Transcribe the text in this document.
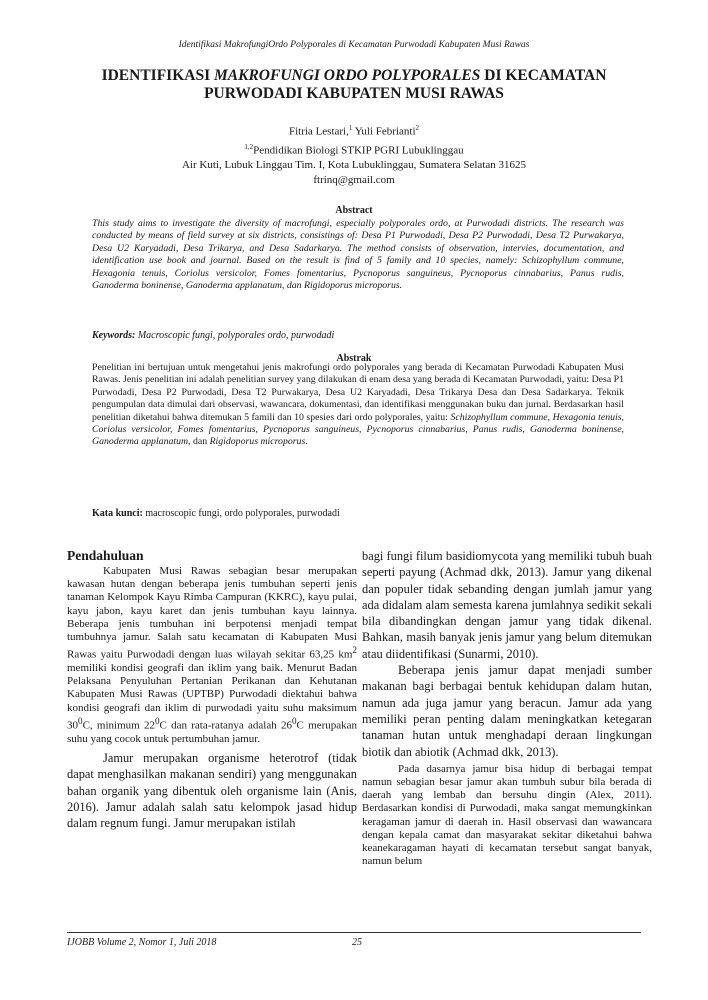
Identifikasi MakrofungiOrdo Polyporales di Kecamatan Purwodadi Kabupaten Musi Rawas
IDENTIFIKASI MAKROFUNGI ORDO POLYPORALES DI KECAMATAN
PURWODADI KABUPATEN MUSI RAWAS
Fitria Lestari,$^1$ Yuli Febrianti$^2$
$^{1,2}$Pendidikan Biologi STKIP PGRI Lubuklinggau
Air Kuti, Lubuk Linggau Tim. I, Kota Lubuklinggau, Sumatera Selatan 31625
ftrinq@gmail.com
Abstract

This study aims to investigate the diversity of macrofungi, especially polyporales ordo, at Purwodadi districts. The research was conducted by means of field survey at six districts, consistings of: Desa P1 Purwodadi, Desa P2 Purwodadi, Desa T2 Purwakarya, Desa U2 Karyadadi, Desa Trikarya, and Desa Sadarkarya. The method consists of observation, intervies, documentation, and identification use book and journal. Based on the result is find of 5 family and 10 species, namely: Schizophyllum commune, Hexagonia tenuis, Coriolus versicolor, Fomes fomentarius, Pycnoporus sanguineus, Pycnoporus cinnabarius, Panus rudis, Ganoderma boninense, Ganoderma applanatum, dan Rigidoporus microporus.

Keywords: Macroscopic fungi, polyporales ordo, purwodadi

Abstrak

Penelitian ini bertujuan untuk mengetahui jenis makrofungi ordo polyporales yang berada di Kecamatan Purwodadi Kabupaten Musi Rawas. Jenis penelitian ini adalah penelitian survey yang dilakukan di enam desa yang berada di Kecamatan Purwodadi, yaitu: Desa P1 Purwodadi, Desa P2 Purwodadi, Desa T2 Purwakarya, Desa U2 Karyadadi, Desa Trikarya Desa dan Desa Sadarkarya. Teknik pengumpulan data dimulai dari observasi, wawancara, dokumentasi, dan identifikasi menggunakan buku dan jurnal. Berdasarkan hasil penelitian diketahui bahwa ditemukan 5 famili dan 10 spesies dari ordo polyporales, yaitu: Schizophyllum commune, Hexagonia tenuis, Coriolus versicolor, Fomes fomentarius, Pycnoporus sanguineus, Pycnoporus cinnabarius, Panus rudis, Ganoderma boninense, Ganoderma applanatum, dan Rigidoporus microporus.

Kata kunci: macroscopic fungi, ordo polyporales, purwodadi

Pendahuluan

Kabupaten Musi Rawas sebagian besar merupakan kawasan hutan dengan beberapa jenis tumbuhan seperti jenis tanaman Kelompok Kayu Rimba Campuran (KKRC), kayu pulai, kayu jabon, kayu karet dan jenis tumbuhan kayu lainnya. Beberapa jenis tumbuhan ini berpotensi menjadi tempat tumbuhnya jamur. Salah satu kecamatan di Kabupaten Musi Rawas yaitu Purwodadi dengan luas wilayah sekitar 63,25 $km^2$ memiliki kondisi geografi dan iklim yang baik. Menurut Badan Pelaksana Penyuluhan Pertanian Perikanan dan Kehutanan Kabupaten Musi Rawas (UPTBP) Purwodadi diektahui bahwa kondisi geografi dan iklim di purwodadi yaitu suhu maksimum $30^0C$, minimum $22^0C$ dan rata-ratanya adalah $26^0C$ merupakan suhu yang cocok untuk pertumbuhan jamur.

Jamur merupakan organisme heterotrof (tidak dapat menghasilkan makanan sendiri) yang menggunakan bahan organik yang dibentuk oleh organisme lain (Anis, 2016). Jamur adalah salah satu kelompok jasad hidup dalam regnum fungi. Jamur merupakan istilah

bagi fungi filum basidiomycota yang memiliki tubuh buah seperti payung (Achmad dkk, 2013). Jamur yang dikenal dan populer tidak sebanding dengan jumlah jamur yang ada didalam alam semesta karena jumlahnya sedikit sekali bila dibandingkan dengan jamur yang tidak dikenal. Bahkan, masih banyak jenis jamur yang belum ditemukan atau diidentifikasi (Sunarmi, 2010).

Beberapa jenis jamur dapat menjadi sumber makanan bagi berbagai bentuk kehidupan dalam hutan, namun ada juga jamur yang beracun. Jamur ada yang memiliki peran penting dalam meningkatkan ketegaran tanaman hutan untuk menghadapi deraan lingkungan biotik dan abiotik (Achmad dkk, 2013).

Pada dasarnya jamur bisa hidup di berbagai tempat namun sebagian besar jamur akan tumbuh subur bila berada di daerah yang lembab dan bersuhu dingin (Alex, 2011). Berdasarkan kondisi di Purwodadi, maka sangat memungkinkan keragaman jamur di daerah in. Hasil observasi dan wawancara dengan kepala camat dan masyarakat sekitar diketahui bahwa keanekaragaman hayati di kecamatan tersebut sangat banyak, namun belum

IJOBB Volume 2, Nomor 1, Juli 2018	25
